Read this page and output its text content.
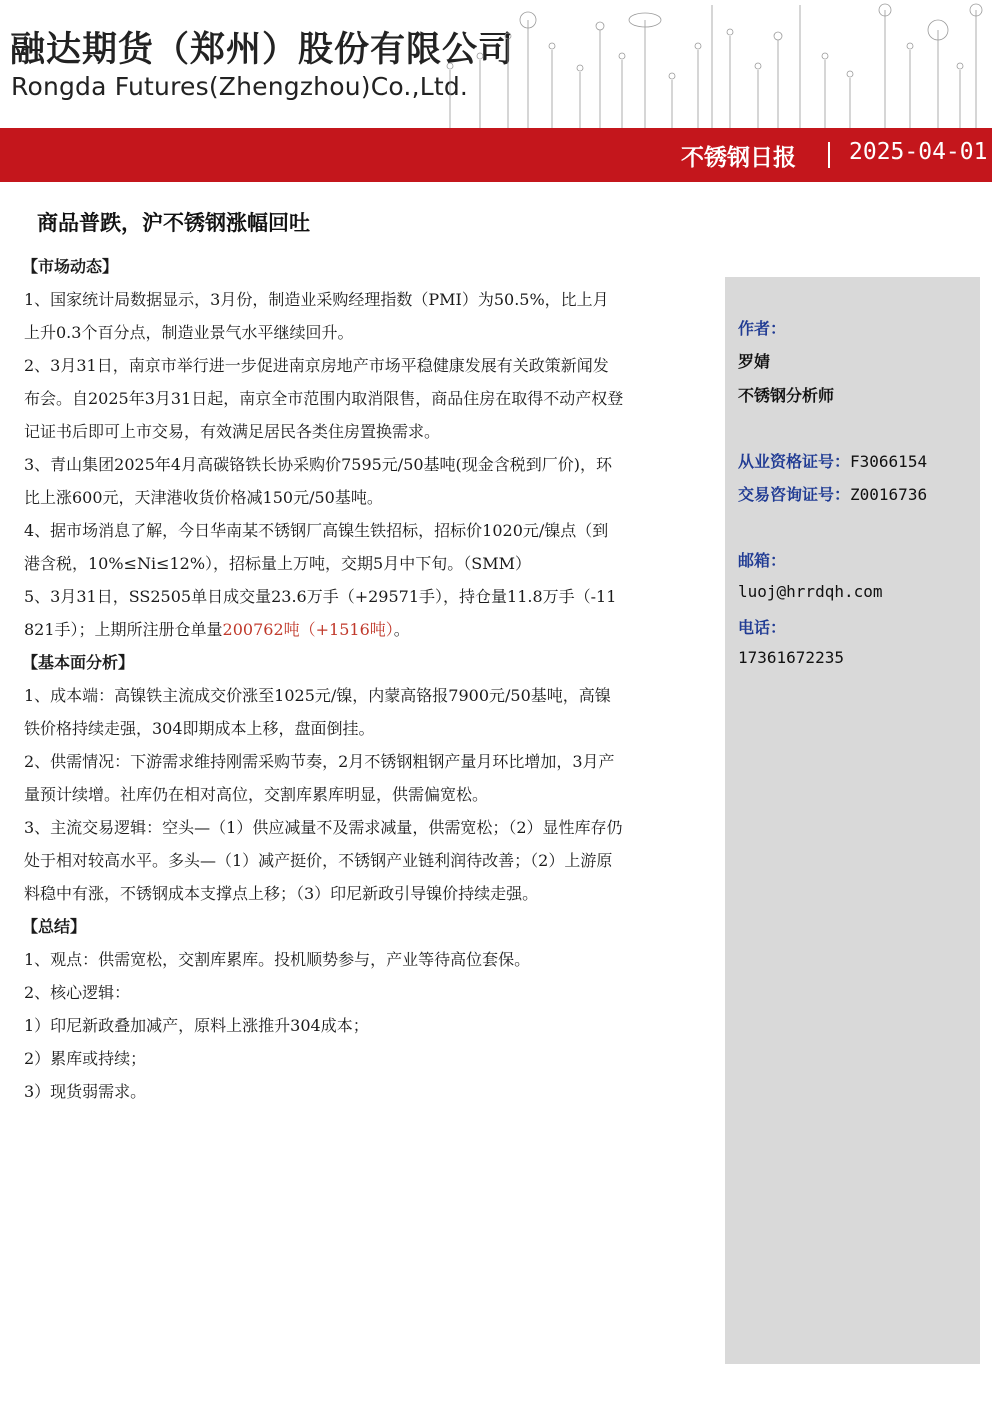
融达期货（郑州）股份有限公司
Rongda Futures(Zhengzhou)Co.,Ltd.
不锈钢日报 2025-04-01
商品普跌，沪不锈钢涨幅回吐
作者：
罗婧
不锈钢分析师
从业资格证号：F3066154
交易咨询证号：Z0016736
邮箱：
luoj@hrrdqh.com
电话：
17361672235
【市场动态】

1、国家统计局数据显示，3月份，制造业采购经理指数（PMI）为50.5%，比上月上升0.3个百分点，制造业景气水平继续回升。

2、3月31日，南京市举行进一步促进南京房地产市场平稳健康发展有关政策新闻发布会。自2025年3月31日起，南京全市范围内取消限售，商品住房在取得不动产权登记证书后即可上市交易，有效满足居民各类住房置换需求。

3、青山集团2025年4月高碳铬铁长协采购价7595元/50基吨(现金含税到厂价)，环比上涨600元，天津港收货价格减150元/50基吨。

4、据市场消息了解，今日华南某不锈钢厂高镍生铁招标，招标价1020元/镍点（到港含税，10%≤Ni≤12%），招标量上万吨，交期5月中下旬。（SMM）

5、3月31日，SS2505单日成交量23.6万手（+29571手），持仓量11.8万手（-11821手）；上期所注册仓单量200762吨（+1516吨）。

【基本面分析】

1、成本端：高镍铁主流成交价涨至1025元/镍，内蒙高铬报7900元/50基吨，高镍铁价格持续走强，304即期成本上移，盘面倒挂。

2、供需情况：下游需求维持刚需采购节奏，2月不锈钢粗钢产量月环比增加，3月产量预计续增。社库仍在相对高位，交割库累库明显，供需偏宽松。

3、主流交易逻辑：空头—（1）供应减量不及需求减量，供需宽松；（2）显性库存仍处于相对较高水平。多头—（1）减产挺价，不锈钢产业链利润待改善；（2）上游原料稳中有涨，不锈钢成本支撑点上移；（3）印尼新政引导镍价持续走强。

【总结】

1、观点：供需宽松，交割库累库。投机顺势参与，产业等待高位套保。

2、核心逻辑：

1）印尼新政叠加减产，原料上涨推升304成本；

2）累库或持续；

3）现货弱需求。
